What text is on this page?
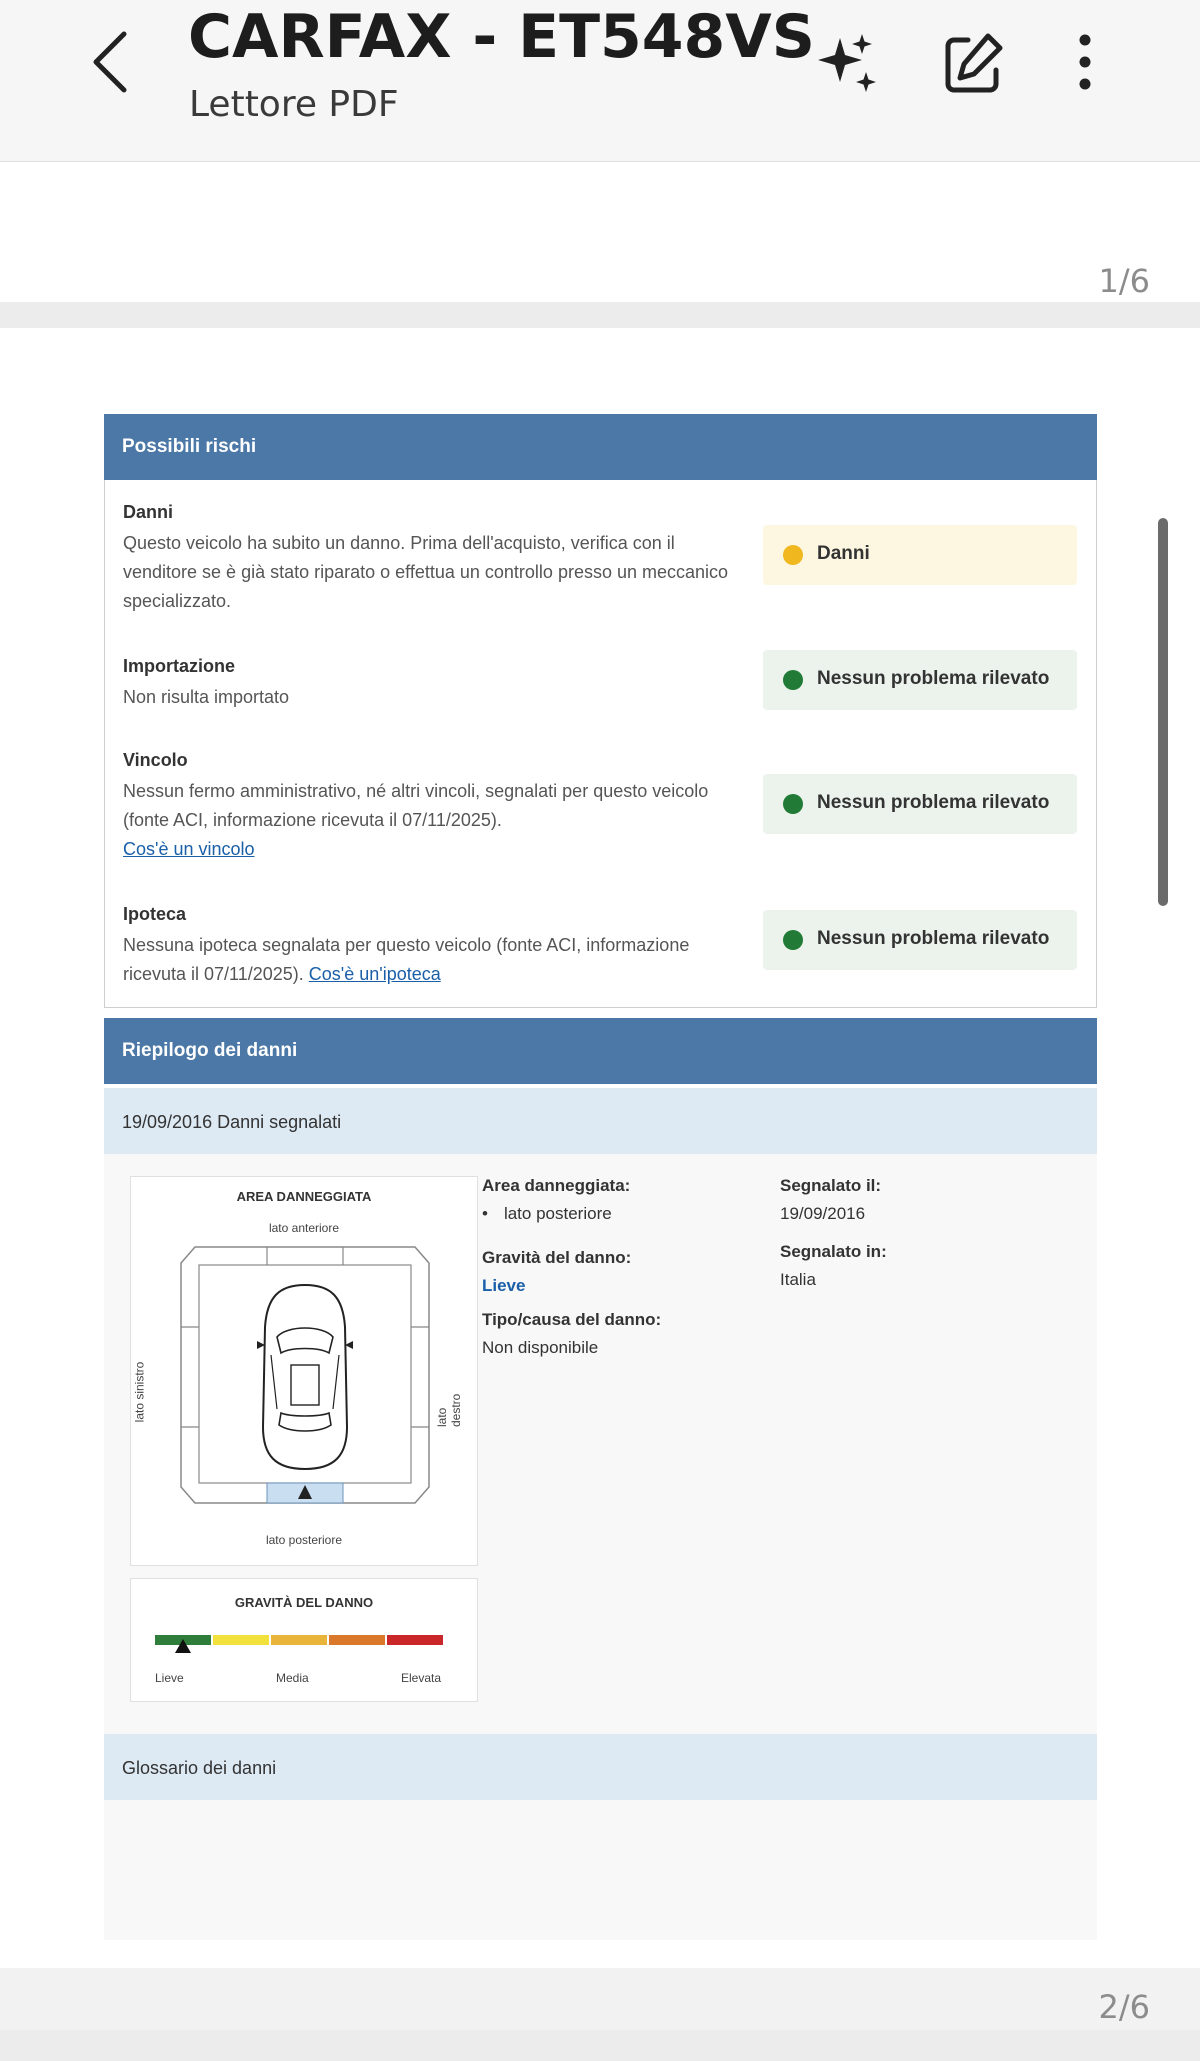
CARFAX - ET548VS
Lettore PDF
1/6
Possibili rischi
Danni
Questo veicolo ha subito un danno. Prima dell'acquisto, verifica con il venditore se è già stato riparato o effettua un controllo presso un meccanico specializzato.
Danni
Importazione
Non risulta importato
Nessun problema rilevato
Vincolo
Nessun fermo amministrativo, né altri vincoli, segnalati per questo veicolo (fonte ACI, informazione ricevuta il 07/11/2025).
Cos'è un vincolo
Nessun problema rilevato
Ipoteca
Nessuna ipoteca segnalata per questo veicolo (fonte ACI, informazione ricevuta il 07/11/2025). Cos'è un'ipoteca
Nessun problema rilevato
Riepilogo dei danni
19/09/2016 Danni segnalati
AREA DANNEGGIATA
lato anteriore
lato sinistro	lato destro
lato posteriore
GRAVITÀ DEL DANNO
Lieve	Media	Elevata
Area danneggiata:
• lato posteriore
Gravità del danno:
Lieve
Tipo/causa del danno:
Non disponibile
Segnalato il:
19/09/2016
Segnalato in:
Italia
Glossario dei danni
2/6
